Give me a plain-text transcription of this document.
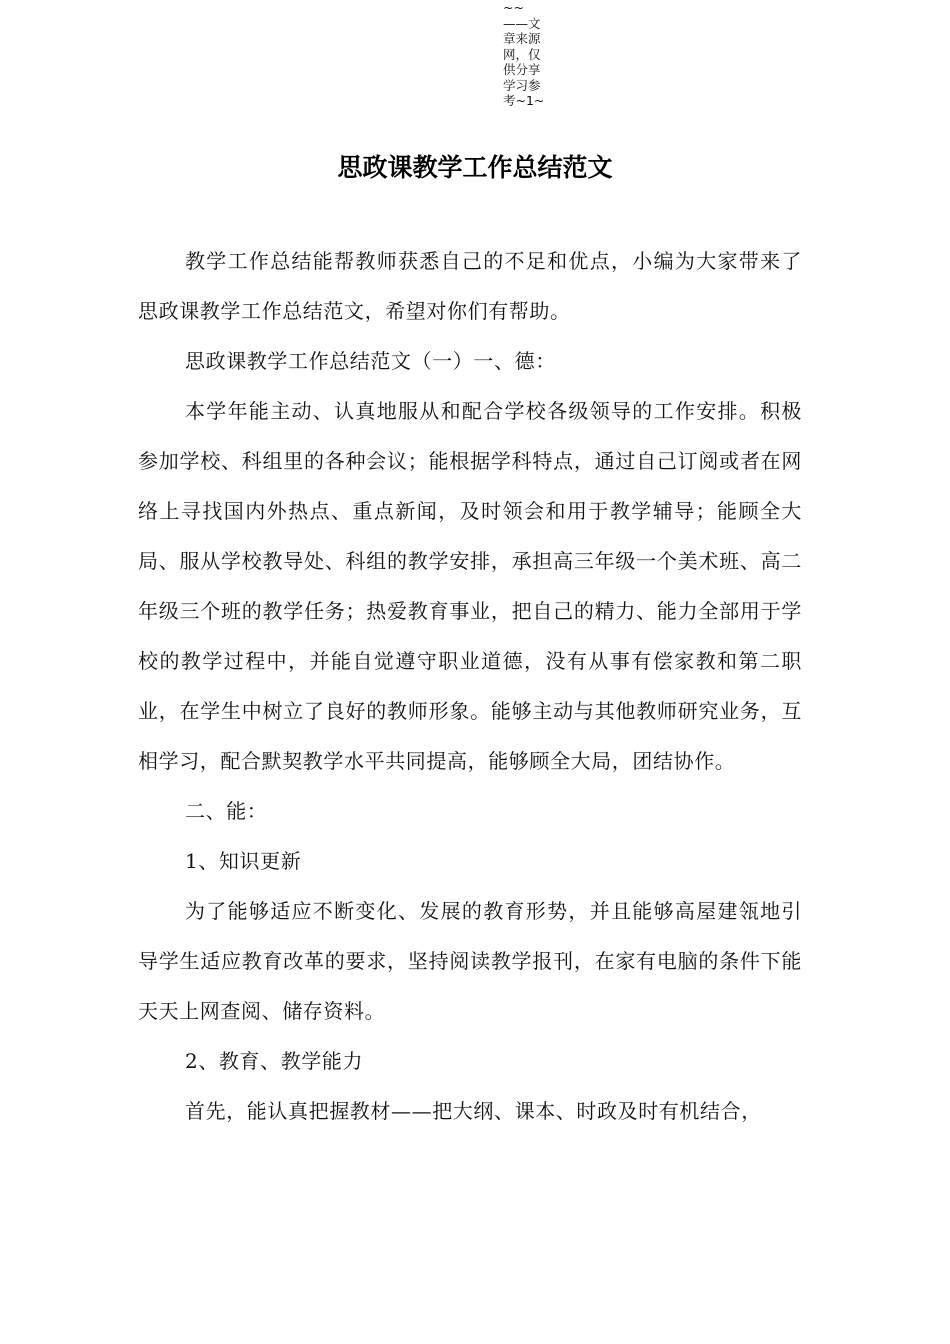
~~
——文
章来源
网，仅
供分享
学习参
考~1~
思政课教学工作总结范文

教学工作总结能帮教师获悉自己的不足和优点，小编为大家带来了思政课教学工作总结范文，希望对你们有帮助。

思政课教学工作总结范文（一）一、德：

本学年能主动、认真地服从和配合学校各级领导的工作安排。积极参加学校、科组里的各种会议；能根据学科特点，通过自己订阅或者在网络上寻找国内外热点、重点新闻，及时领会和用于教学辅导；能顾全大局、服从学校教导处、科组的教学安排，承担高三年级一个美术班、高二年级三个班的教学任务；热爱教育事业，把自己的精力、能力全部用于学校的教学过程中，并能自觉遵守职业道德，没有从事有偿家教和第二职业，在学生中树立了良好的教师形象。能够主动与其他教师研究业务，互相学习，配合默契教学水平共同提高，能够顾全大局，团结协作。

二、能：

1、知识更新

为了能够适应不断变化、发展的教育形势，并且能够高屋建瓴地引导学生适应教育改革的要求，坚持阅读教学报刊，在家有电脑的条件下能天天上网查阅、储存资料。

2、教育、教学能力

首先，能认真把握教材——把大纲、课本、时政及时有机结合，
